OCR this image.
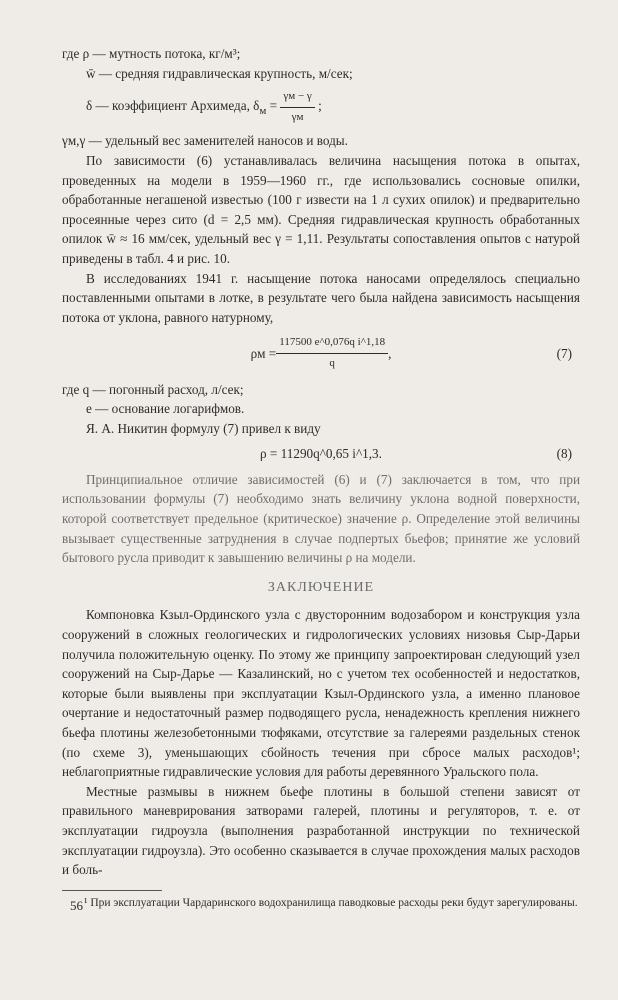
где ρ — мутность потока, кг/м³;

w̄ — средняя гидравлическая крупность, м/сек;

δ — коэффициент Архимеда, $\delta_м = \frac{\gamma м - \gamma}{\gamma м}$ ;

γм,γ — удельный вес заменителей наносов и воды.

По зависимости (6) устанавливалась величина насыщения потока в опытах, проведенных на модели в 1959—1960 гг., где использовались сосновые опилки, обработанные негашеной известью (100 г извести на 1 л сухих опилок) и предварительно просеянные через сито (d = 2,5 мм). Средняя гидравлическая крупность обработанных опилок w̄ ≈ 16 мм/сек, удельный вес γ = 1,11. Результаты сопоставления опытов с натурой приведены в табл. 4 и рис. 10.

В исследованиях 1941 г. насыщение потока наносами определялось специально поставленными опытами в лотке, в результате чего была найдена зависимость насыщения потока от уклона, равного натурному,

$\rho м = \frac{\text{117500 e\textasciicircum{}0,076q i\textasciicircum{}1,18}}{q}$ ,	(7)

где q — погонный расход, л/сек;

e — основание логарифмов.

Я. А. Никитин формулу (7) привел к виду

ρ = 11290q^0,65 i^1,3.	(8)

Принципиальное отличие зависимостей (6) и (7) заключается в том, что при использовании формулы (7) необходимо знать величину уклона водной поверхности, которой соответствует предельное (критическое) значение ρ. Определение этой величины вызывает существенные затруднения в случае подпертых бьефов; принятие же условий бытового русла приводит к завышению величины ρ на модели.

ЗАКЛЮЧЕНИЕ

Компоновка Кзыл-Ординского узла с двусторонним водозабором и конструкция узла сооружений в сложных геологических и гидрологических условиях низовья Сыр-Дарьи получила положительную оценку. По этому же принципу запроектирован следующий узел сооружений на Сыр-Дарье — Казалинский, но с учетом тех особенностей и недостатков, которые были выявлены при эксплуатации Кзыл-Ординского узла, а именно плановое очертание и недостаточный размер подводящего русла, ненадежность крепления нижнего бьефа плотины железобетонными тюфяками, отсутствие за галереями раздельных стенок (по схеме 3), уменьшающих сбойность течения при сбросе малых расходов¹; неблагоприятные гидравлические условия для работы деревянного Уральского пола.

Местные размывы в нижнем бьефе плотины в большой степени зависят от правильного маневрирования затворами галерей, плотины и регуляторов, т. е. от эксплуатации гидроузла (выполнения разработанной инструкции по технической эксплуатации гидроузла). Это особенно сказывается в случае прохождения малых расходов и боль-

¹ При эксплуатации Чардаринского водохранилища паводковые расходы реки будут зарегулированы.

56
